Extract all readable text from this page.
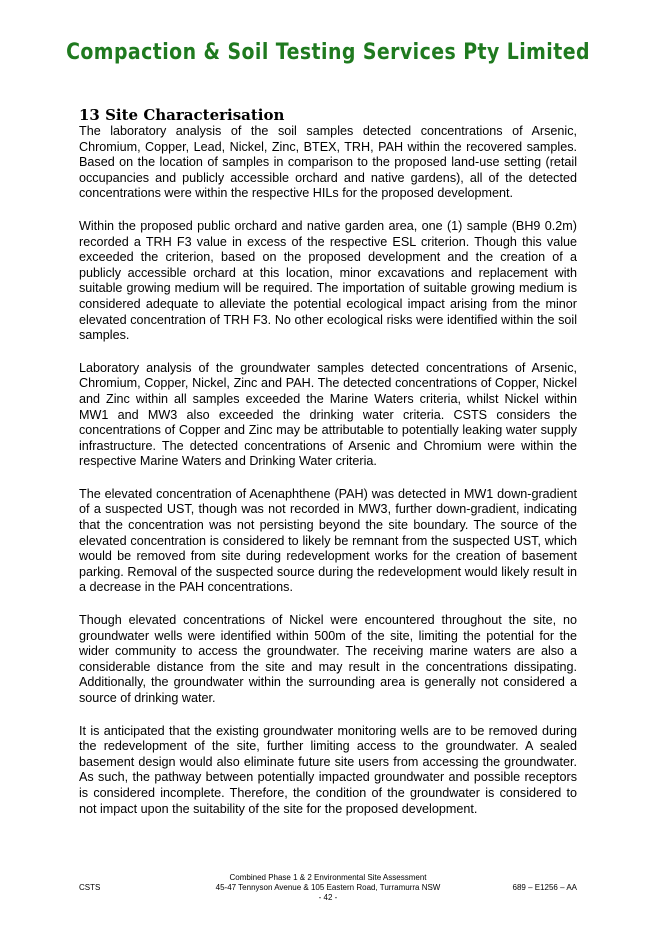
Compaction & Soil Testing Services Pty Limited
13 Site Characterisation

The laboratory analysis of the soil samples detected concentrations of Arsenic, Chromium, Copper, Lead, Nickel, Zinc, BTEX, TRH, PAH within the recovered samples. Based on the location of samples in comparison to the proposed land-use setting (retail occupancies and publicly accessible orchard and native gardens), all of the detected concentrations were within the respective HILs for the proposed development.

Within the proposed public orchard and native garden area, one (1) sample (BH9 0.2m) recorded a TRH F3 value in excess of the respective ESL criterion. Though this value exceeded the criterion, based on the proposed development and the creation of a publicly accessible orchard at this location, minor excavations and replacement with suitable growing medium will be required. The importation of suitable growing medium is considered adequate to alleviate the potential ecological impact arising from the minor elevated concentration of TRH F3. No other ecological risks were identified within the soil samples.

Laboratory analysis of the groundwater samples detected concentrations of Arsenic, Chromium, Copper, Nickel, Zinc and PAH. The detected concentrations of Copper, Nickel and Zinc within all samples exceeded the Marine Waters criteria, whilst Nickel within MW1 and MW3 also exceeded the drinking water criteria. CSTS considers the concentrations of Copper and Zinc may be attributable to potentially leaking water supply infrastructure. The detected concentrations of Arsenic and Chromium were within the respective Marine Waters and Drinking Water criteria.

The elevated concentration of Acenaphthene (PAH) was detected in MW1 down-gradient of a suspected UST, though was not recorded in MW3, further down-gradient, indicating that the concentration was not persisting beyond the site boundary. The source of the elevated concentration is considered to likely be remnant from the suspected UST, which would be removed from site during redevelopment works for the creation of basement parking. Removal of the suspected source during the redevelopment would likely result in a decrease in the PAH concentrations.

Though elevated concentrations of Nickel were encountered throughout the site, no groundwater wells were identified within 500m of the site, limiting the potential for the wider community to access the groundwater. The receiving marine waters are also a considerable distance from the site and may result in the concentrations dissipating. Additionally, the groundwater within the surrounding area is generally not considered a source of drinking water.

It is anticipated that the existing groundwater monitoring wells are to be removed during the redevelopment of the site, further limiting access to the groundwater. A sealed basement design would also eliminate future site users from accessing the groundwater. As such, the pathway between potentially impacted groundwater and possible receptors is considered incomplete. Therefore, the condition of the groundwater is considered to not impact upon the suitability of the site for the proposed development.

CSTS
Combined Phase 1 & 2 Environmental Site Assessment
45-47 Tennyson Avenue & 105 Eastern Road, Turramurra NSW
- 42 -
689 – E1256 – AA
